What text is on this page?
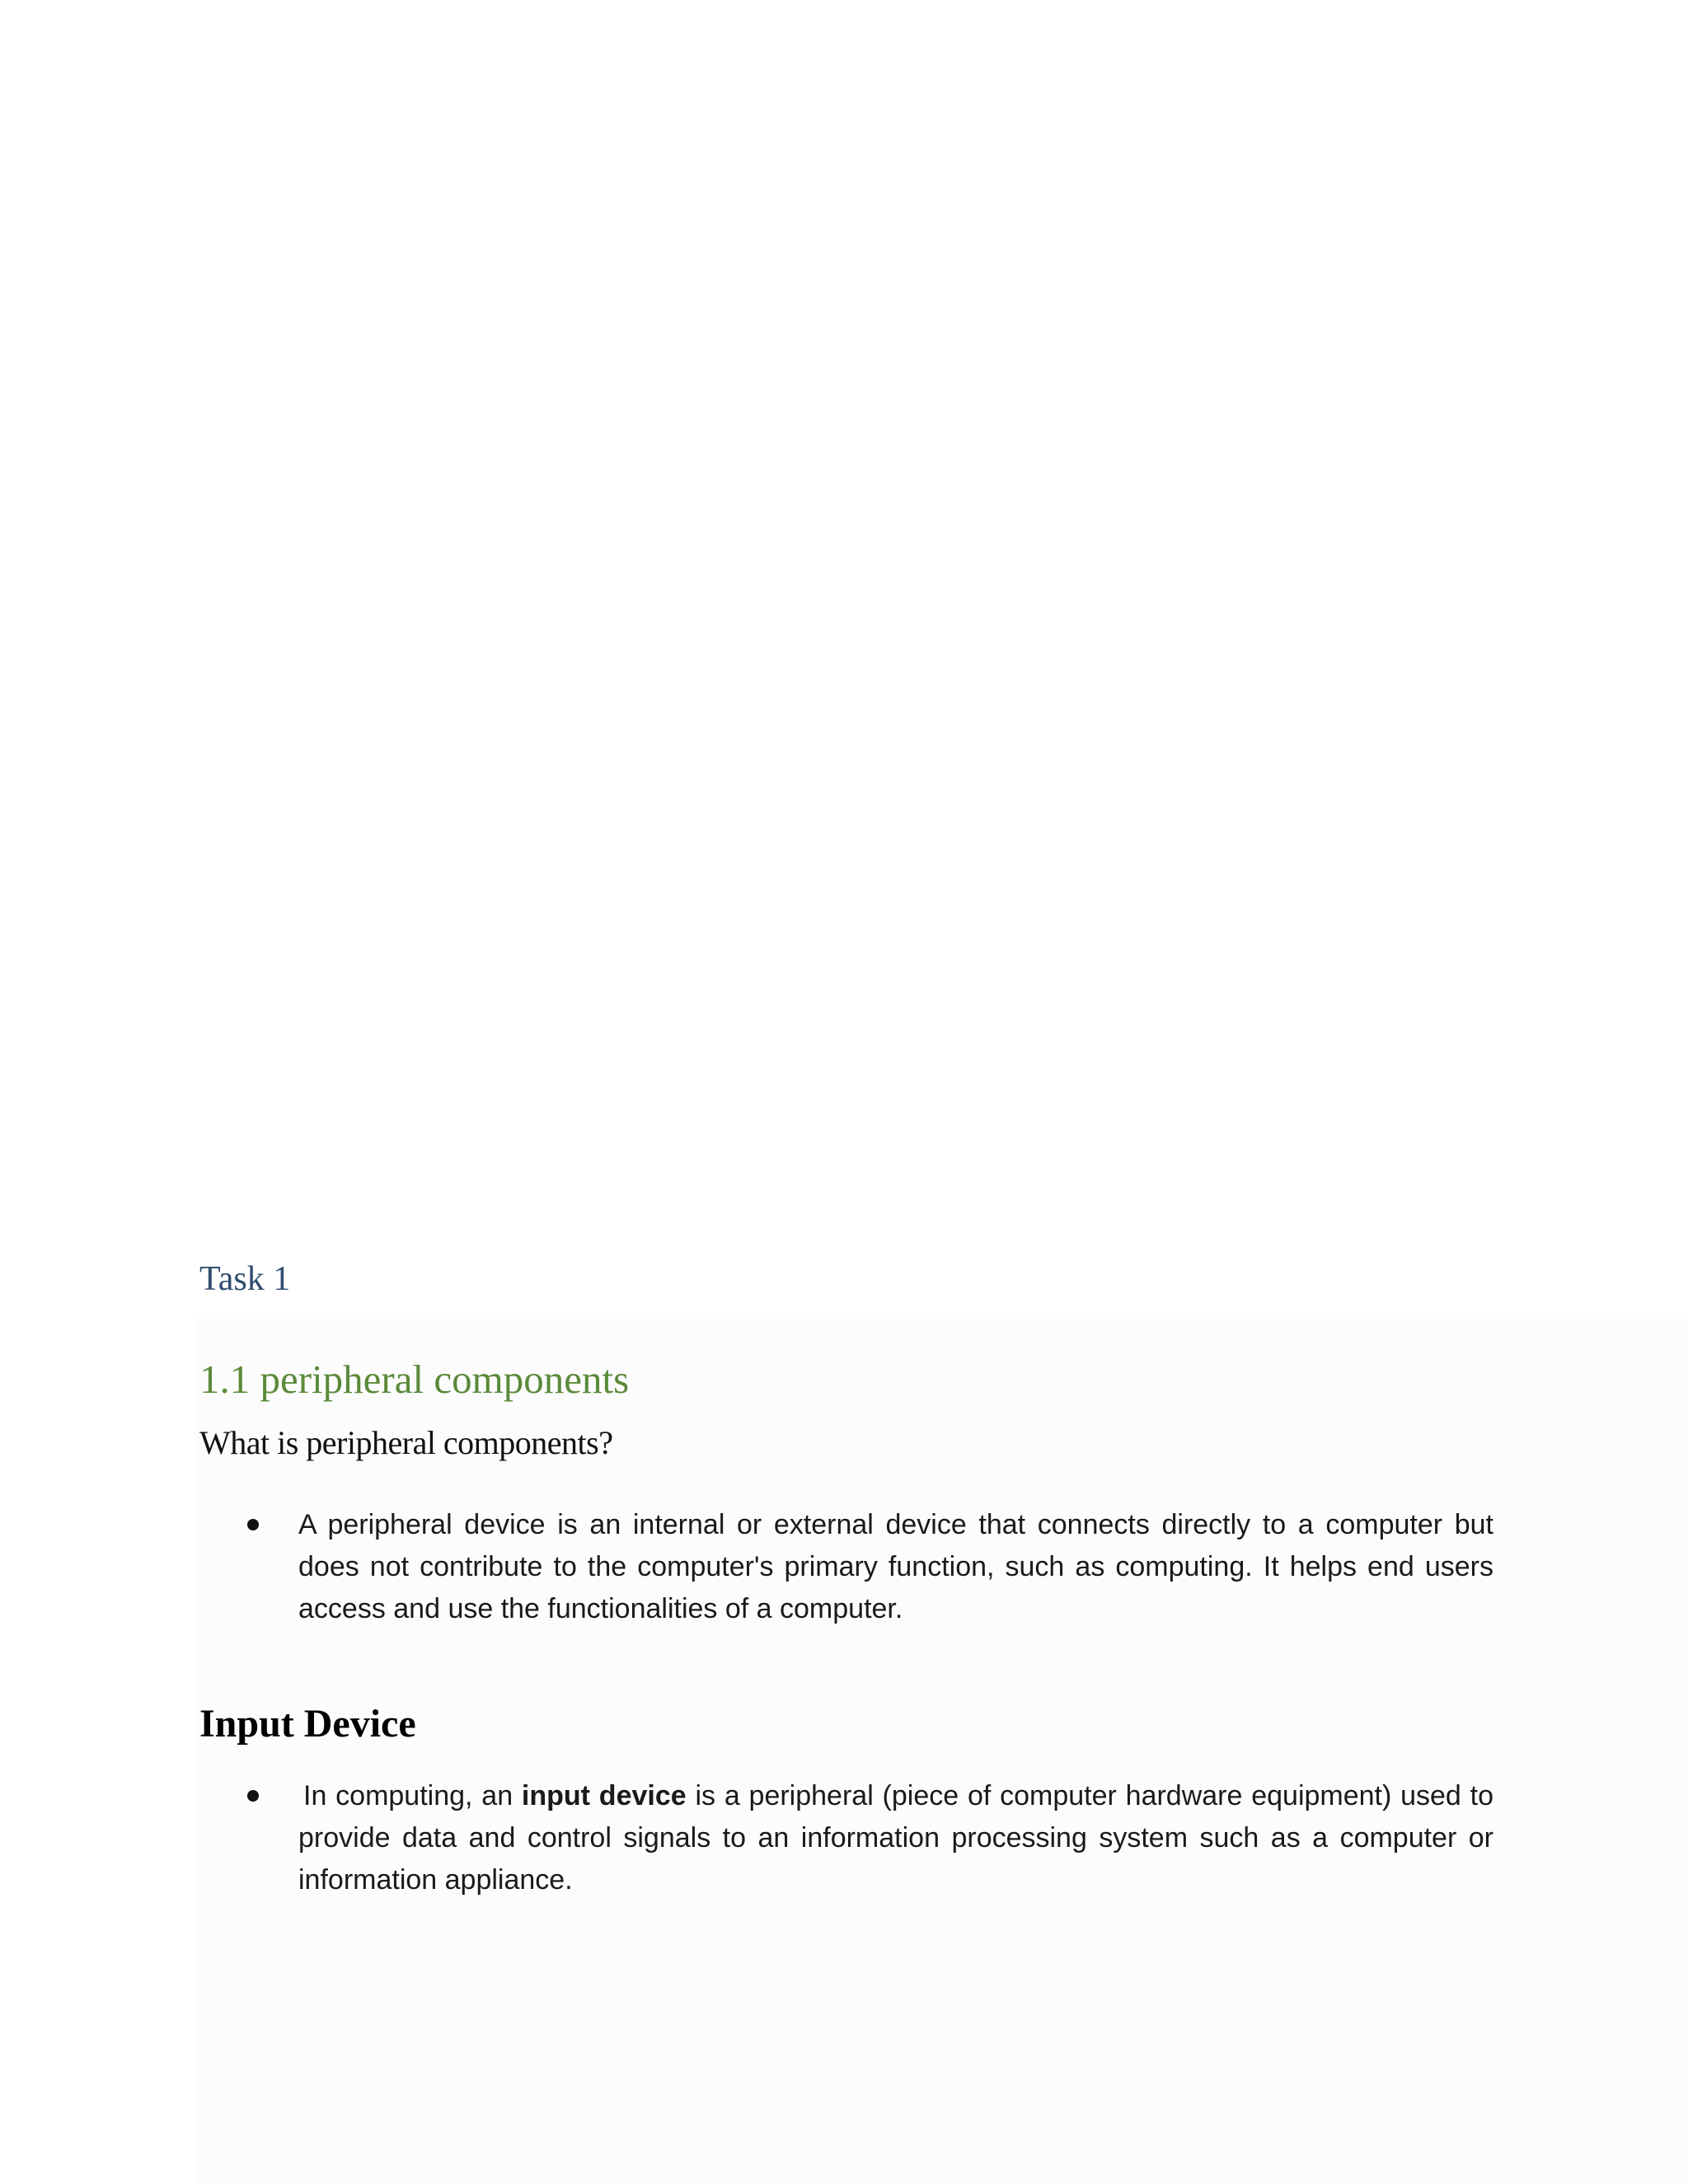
Task 1
1.1 peripheral components

What is peripheral components?

A peripheral device is an internal or external device that connects directly to a computer but does not contribute to the computer's primary function, such as computing. It helps end users access and use the functionalities of a computer.

Input Device

In computing, an input device is a peripheral (piece of computer hardware equipment) used to provide data and control signals to an information processing system such as a computer or information appliance.
